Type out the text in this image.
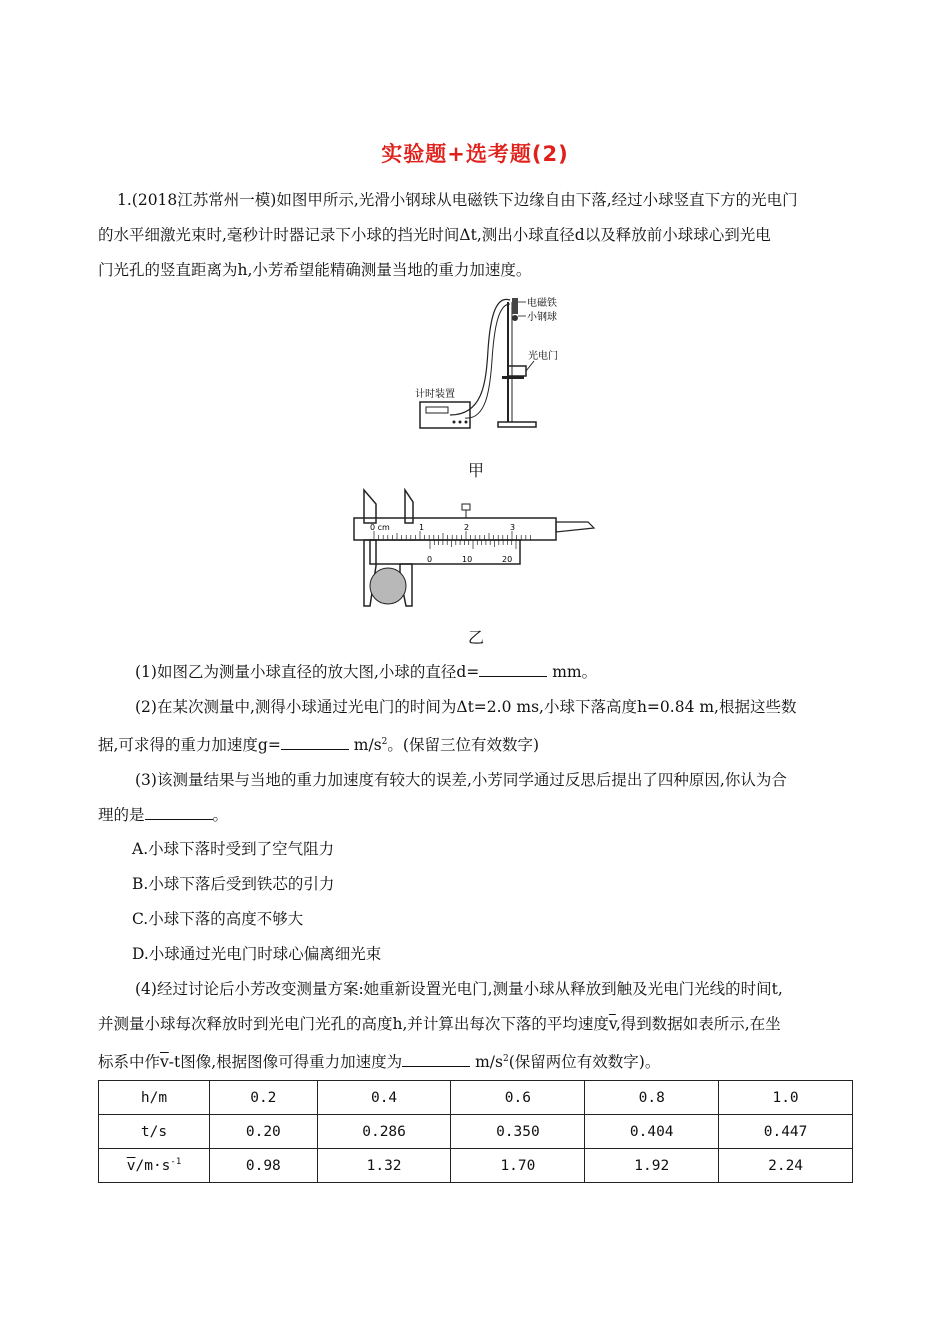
实验题+选考题(2)
1.(2018江苏常州一模)如图甲所示,光滑小钢球从电磁铁下边缘自由下落,经过小球竖直下方的光电门
的水平细激光束时,毫秒计时器记录下小球的挡光时间Δt,测出小球直径d以及释放前小球球心到光电
门光孔的竖直距离为h,小芳希望能精确测量当地的重力加速度。
电磁铁
小钢球
光电门
计时装置
甲
0 cm	1	2	3
0	10	20
乙
(1)如图乙为测量小球直径的放大图,小球的直径d=	mm。
(2)在某次测量中,测得小球通过光电门的时间为Δt=2.0 ms,小球下落高度h=0.84 m,根据这些数
据,可求得的重力加速度g=	$m/s^2$。(保留三位有效数字)
(3)该测量结果与当地的重力加速度有较大的误差,小芳同学通过反思后提出了四种原因,你认为合
理的是	。
A.小球下落时受到了空气阻力
B.小球下落后受到铁芯的引力
C.小球下落的高度不够大
D.小球通过光电门时球心偏离细光束
(4)经过讨论后小芳改变测量方案:她重新设置光电门,测量小球从释放到触及光电门光线的时间t,
并测量小球每次释放时到光电门光孔的高度h,并计算出每次下落的平均速度$\overline{v}$,得到数据如表所示,在坐
标系中作$\overline{v}-t$图像,根据图像可得重力加速度为	$m/s^2$(保留两位有效数字)。
h/m	0.2	0.4	0.6	0.8	1.0
t/s	0.20	0.286	0.350	0.404	0.447
$\overline{v}/m\cdot s^{-1}$	0.98	1.32	1.70	1.92	2.24
